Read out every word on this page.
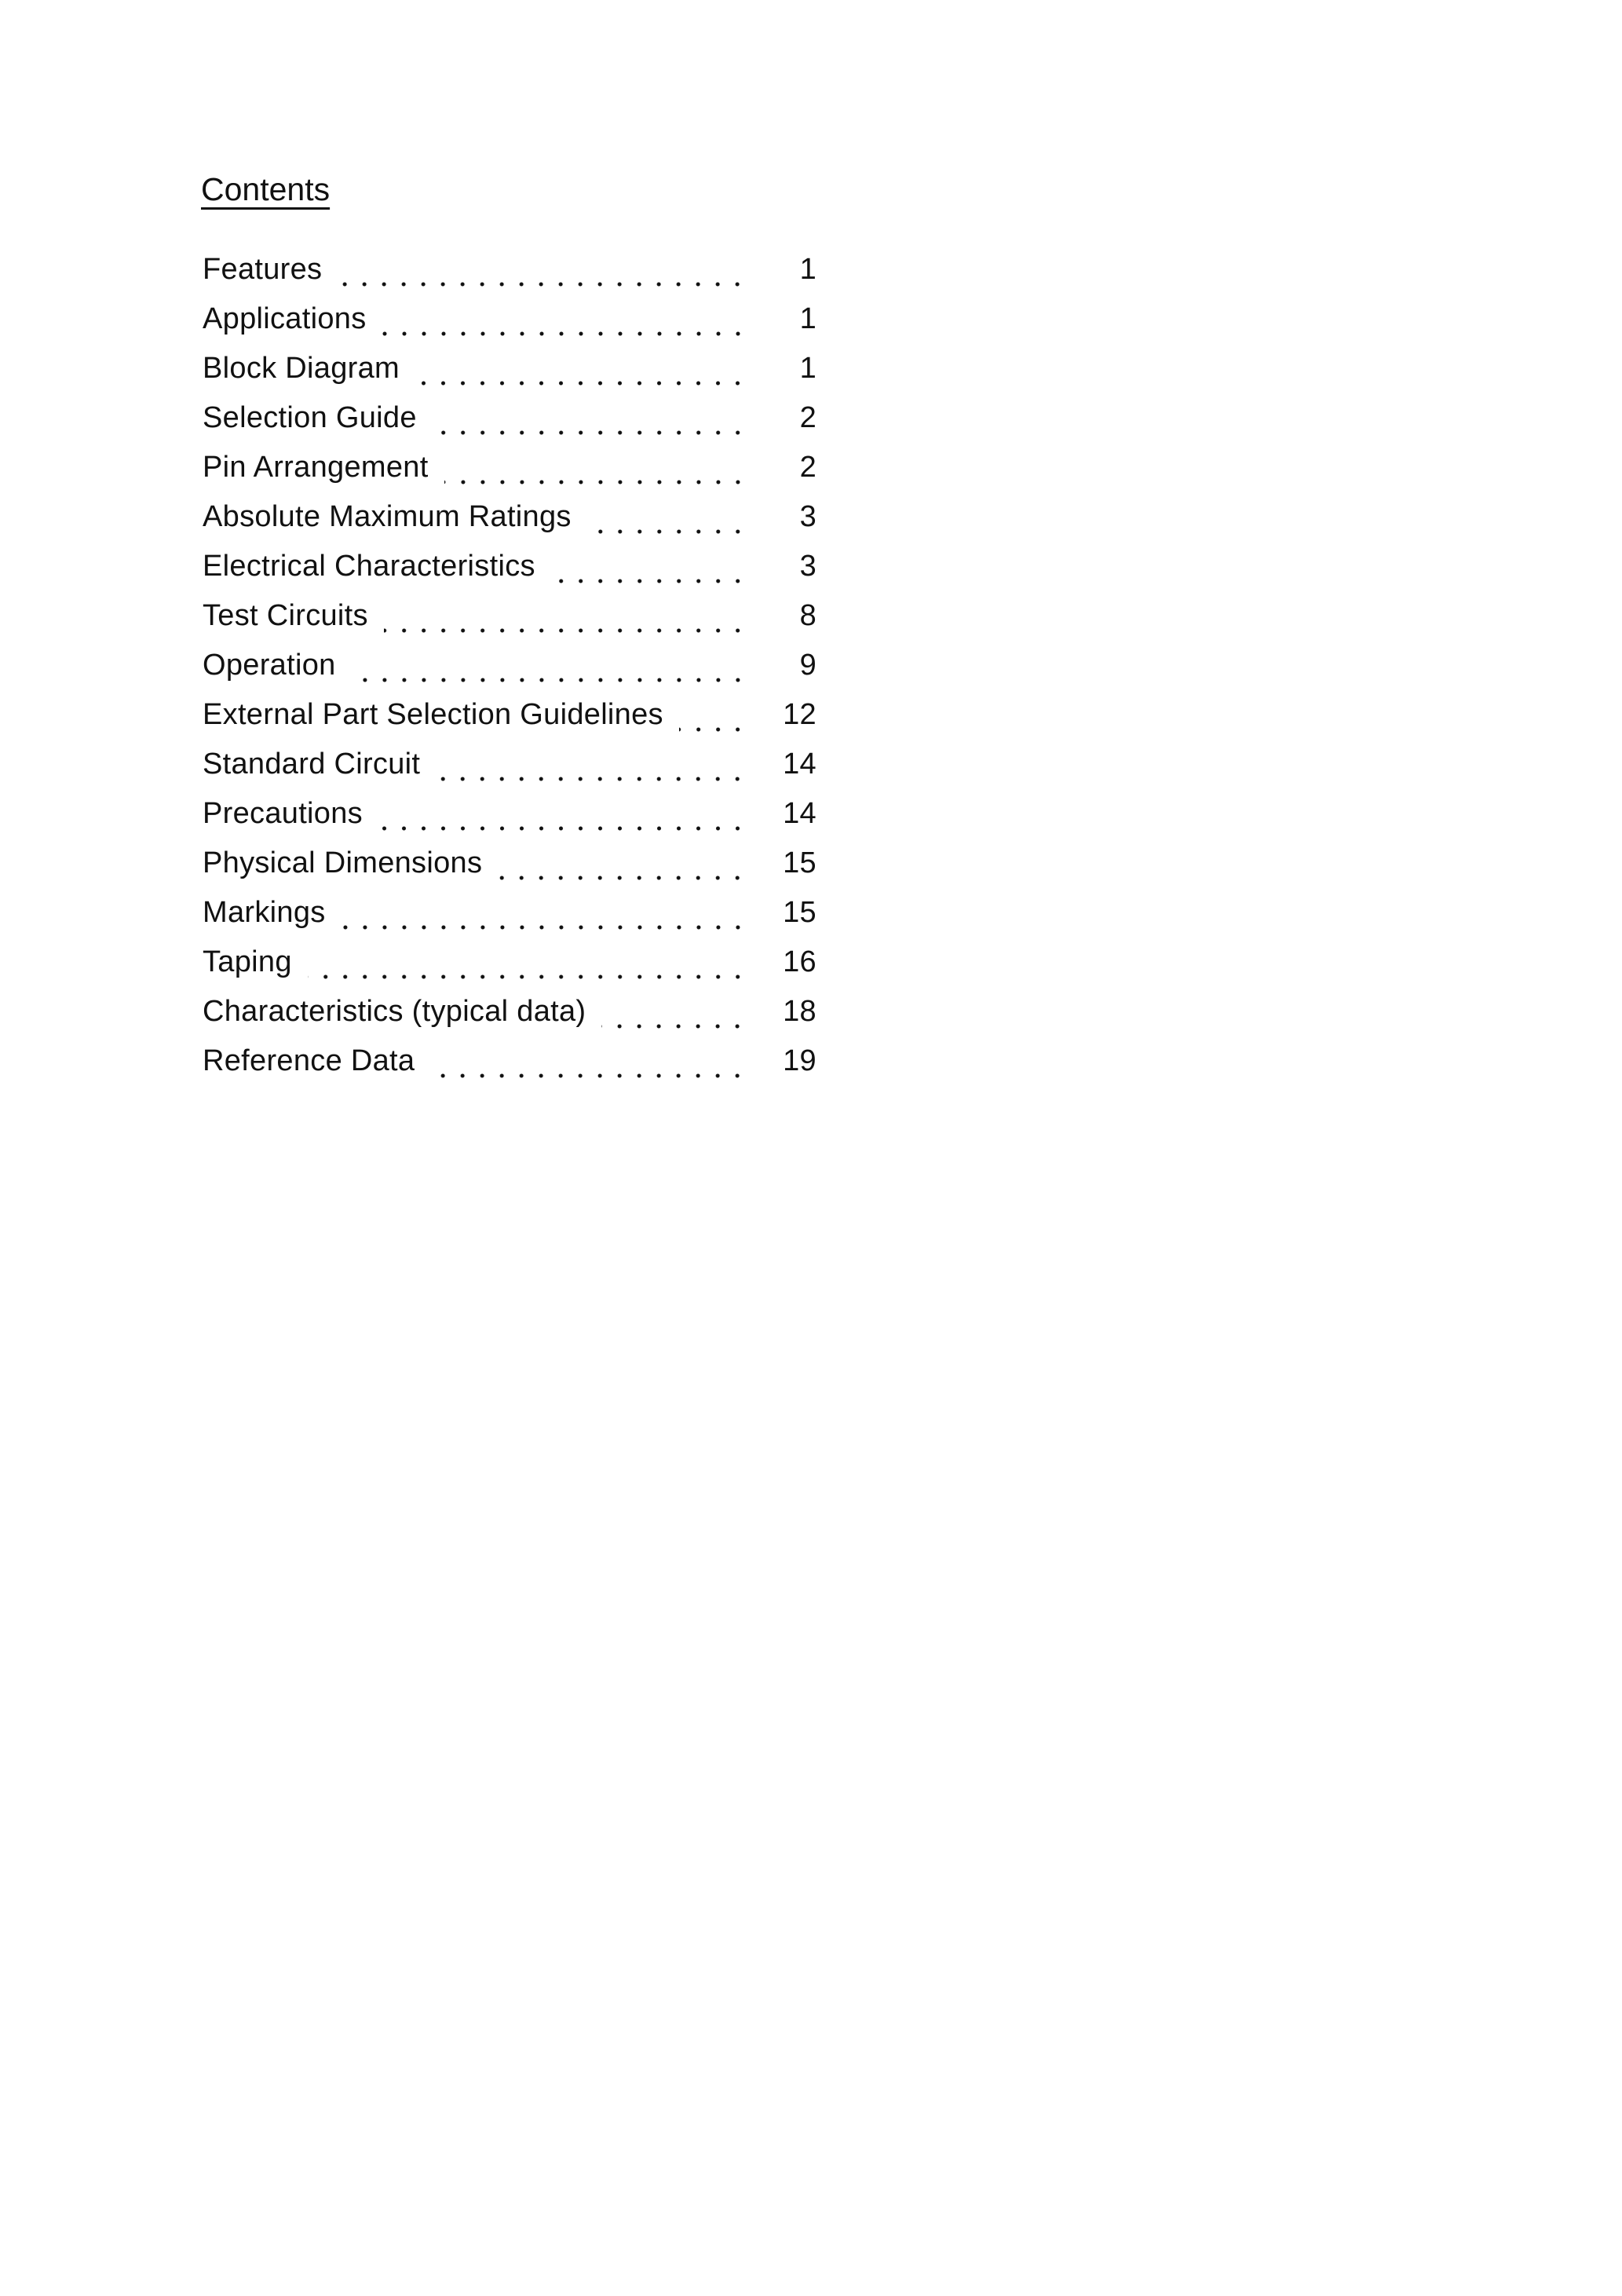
Contents
Features	1
Applications	1
Block Diagram	1
Selection Guide	2
Pin Arrangement	2
Absolute Maximum Ratings	3
Electrical Characteristics	3
Test Circuits	8
Operation	9
External Part Selection Guidelines	12
Standard Circuit	14
Precautions	14
Physical Dimensions	15
Markings	15
Taping	16
Characteristics (typical data)	18
Reference Data	19
